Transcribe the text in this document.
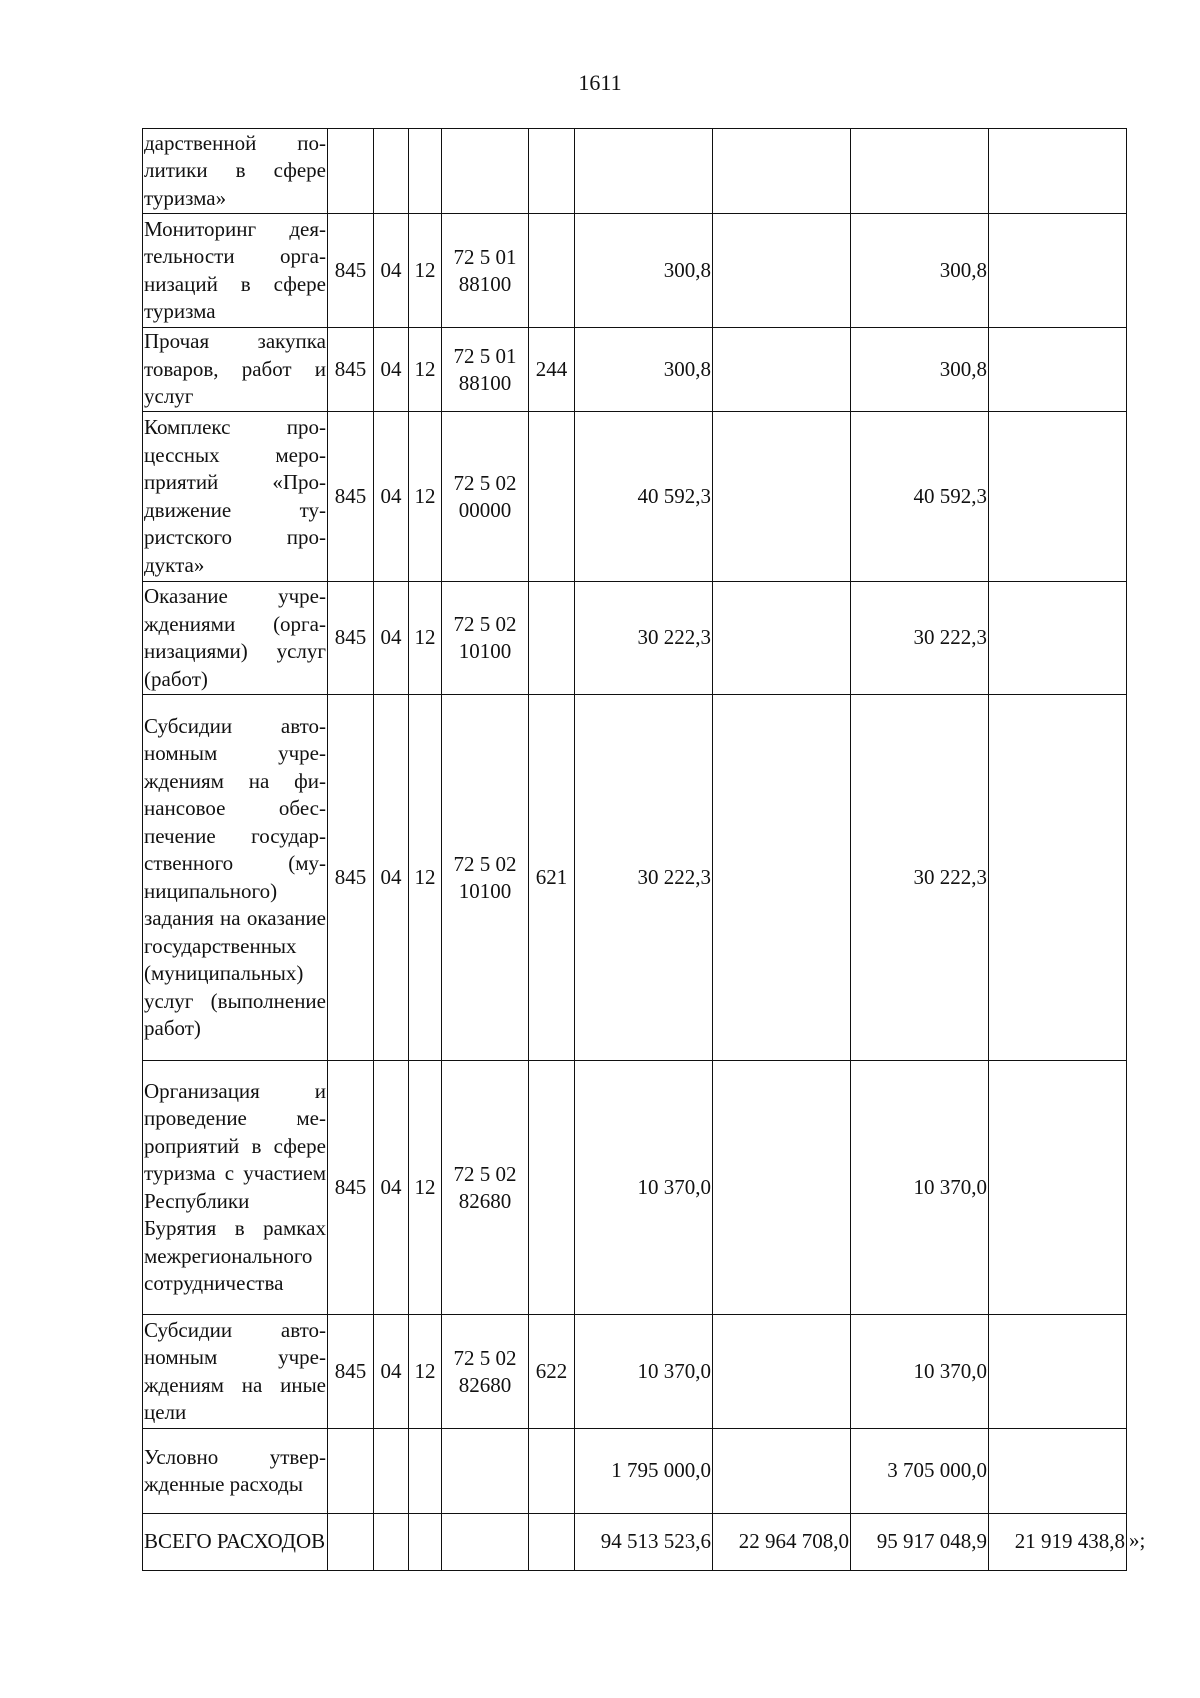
1611
дарственной политики в сфере туризма»									
Мониторинг деятельности организаций в сфере туризма	845	04	12	72 5 01 88100		300,8		300,8	
Прочая закупка товаров, работ и услуг	845	04	12	72 5 01 88100	244	300,8		300,8	
Комплекс процессных мероприятий «Продвижение туристского продукта»	845	04	12	72 5 02 00000		40 592,3		40 592,3	
Оказание учреждениями (организациями) услуг (работ)	845	04	12	72 5 02 10100		30 222,3		30 222,3	
Субсидии автономным учреждениям на финансовое обеспечение государственного (муниципального) задания на оказание государственных (муниципальных) услуг (выполнение работ)	845	04	12	72 5 02 10100	621	30 222,3		30 222,3	
Организация и проведение мероприятий в сфере туризма с участием Республики Бурятия в рамках межрегионального сотрудничества	845	04	12	72 5 02 82680		10 370,0		10 370,0	
Субсидии автономным учреждениям на иные цели	845	04	12	72 5 02 82680	622	10 370,0		10 370,0	
Условно утвержденные расходы						1 795 000,0		3 705 000,0	
ВСЕГО РАСХОДОВ						94 513 523,6	22 964 708,0	95 917 048,9	21 919 438,8 »;
